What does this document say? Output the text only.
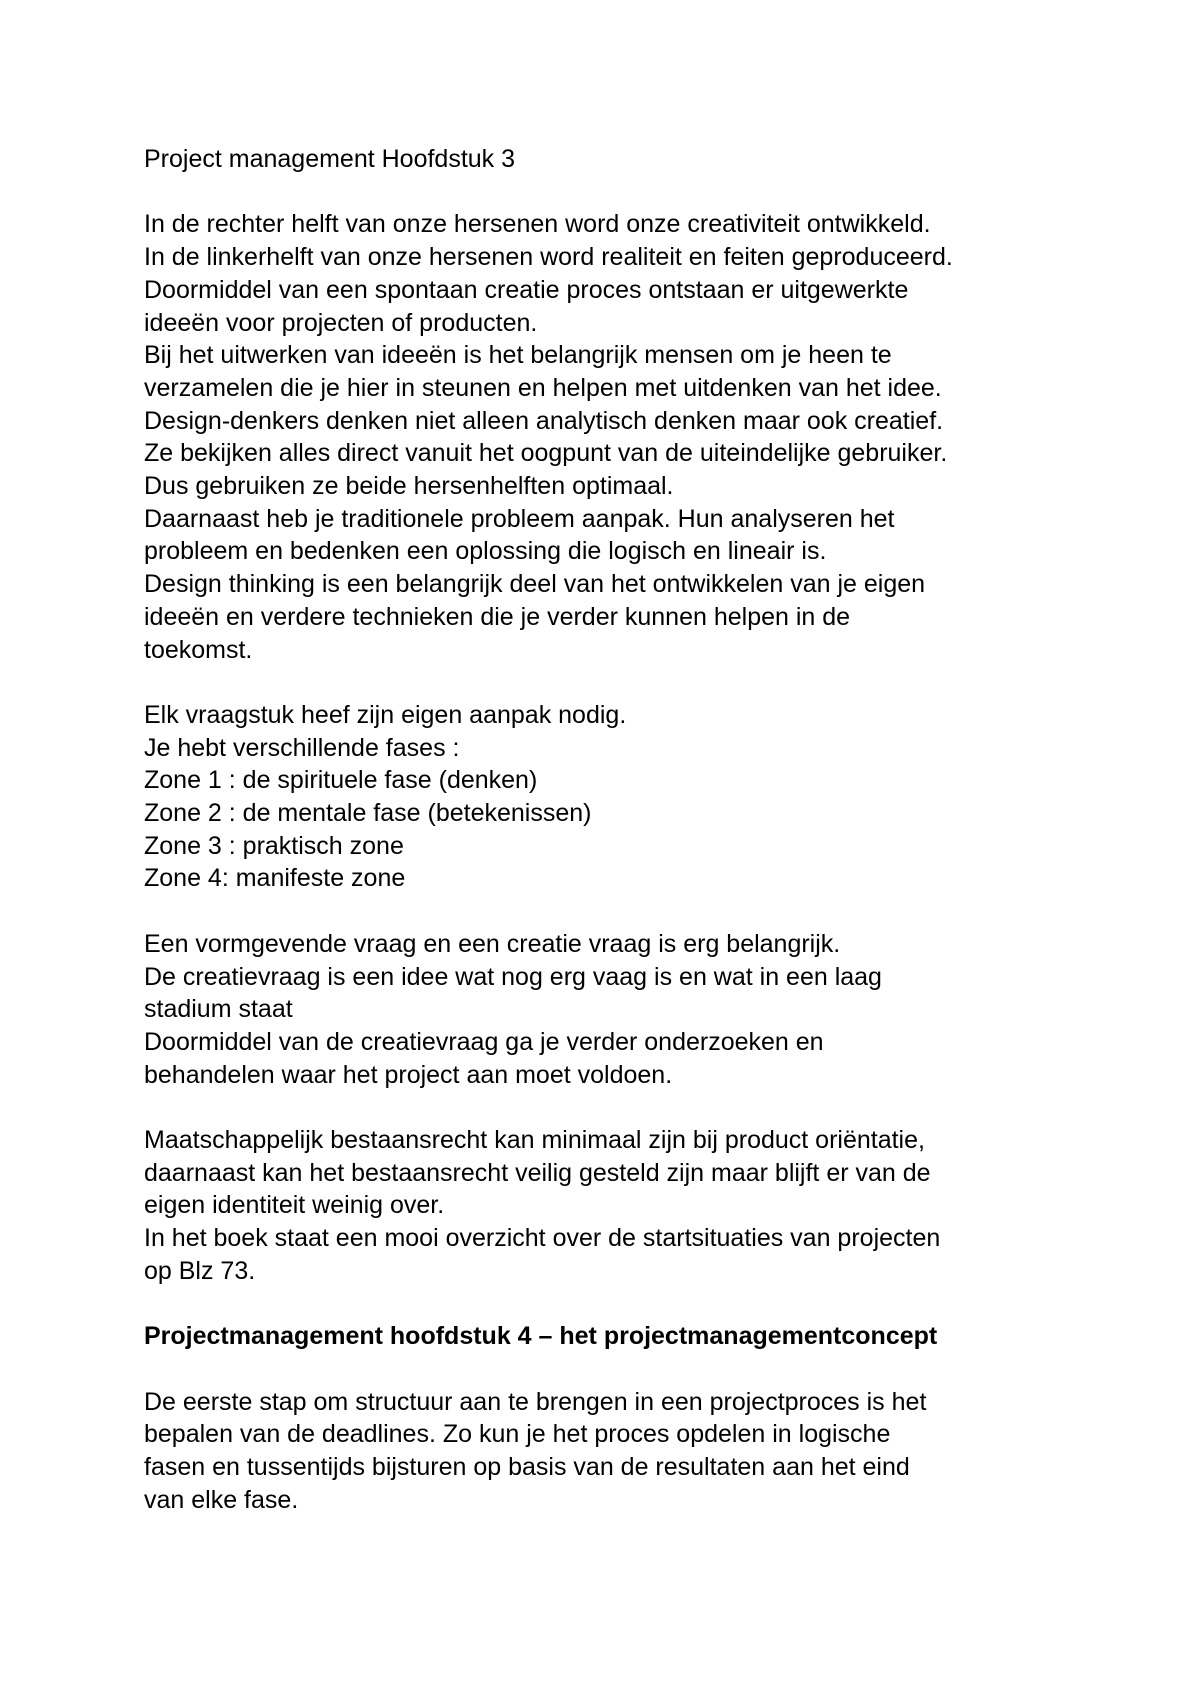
Project management Hoofdstuk 3
In de rechter helft van onze hersenen word onze creativiteit ontwikkeld.
In de linkerhelft van onze hersenen word realiteit en feiten geproduceerd.
Doormiddel van een spontaan creatie proces ontstaan er uitgewerkte
ideeën voor projecten of producten.
Bij het uitwerken van ideeën is het belangrijk mensen om je heen te
verzamelen die je hier in steunen en helpen met uitdenken van het idee.
Design-denkers denken niet alleen analytisch denken maar ook creatief.
Ze bekijken alles direct vanuit het oogpunt van de uiteindelijke gebruiker.
Dus gebruiken ze beide hersenhelften optimaal.
Daarnaast heb je traditionele probleem aanpak. Hun analyseren het
probleem en bedenken een oplossing die logisch en lineair is.
Design thinking is een belangrijk deel van het ontwikkelen van je eigen
ideeën en verdere technieken die je verder kunnen helpen in de
toekomst.
Elk vraagstuk heef zijn eigen aanpak nodig.
Je hebt verschillende fases :
Zone 1 : de spirituele fase (denken)
Zone 2 : de mentale fase (betekenissen)
Zone 3 : praktisch zone
Zone 4: manifeste zone
Een vormgevende vraag en een creatie vraag is erg belangrijk.
De creatievraag is een idee wat nog erg vaag is en wat in een laag
stadium staat
Doormiddel van de creatievraag ga je verder onderzoeken en
behandelen waar het project aan moet voldoen.
Maatschappelijk bestaansrecht kan minimaal zijn bij product oriëntatie,
daarnaast kan het bestaansrecht veilig gesteld zijn maar blijft er van de
eigen identiteit weinig over.
In het boek staat een mooi overzicht over de startsituaties van projecten
op Blz 73.
Projectmanagement hoofdstuk 4 – het projectmanagementconcept
De eerste stap om structuur aan te brengen in een projectproces is het
bepalen van de deadlines. Zo kun je het proces opdelen in logische
fasen en tussentijds bijsturen op basis van de resultaten aan het eind
van elke fase.
